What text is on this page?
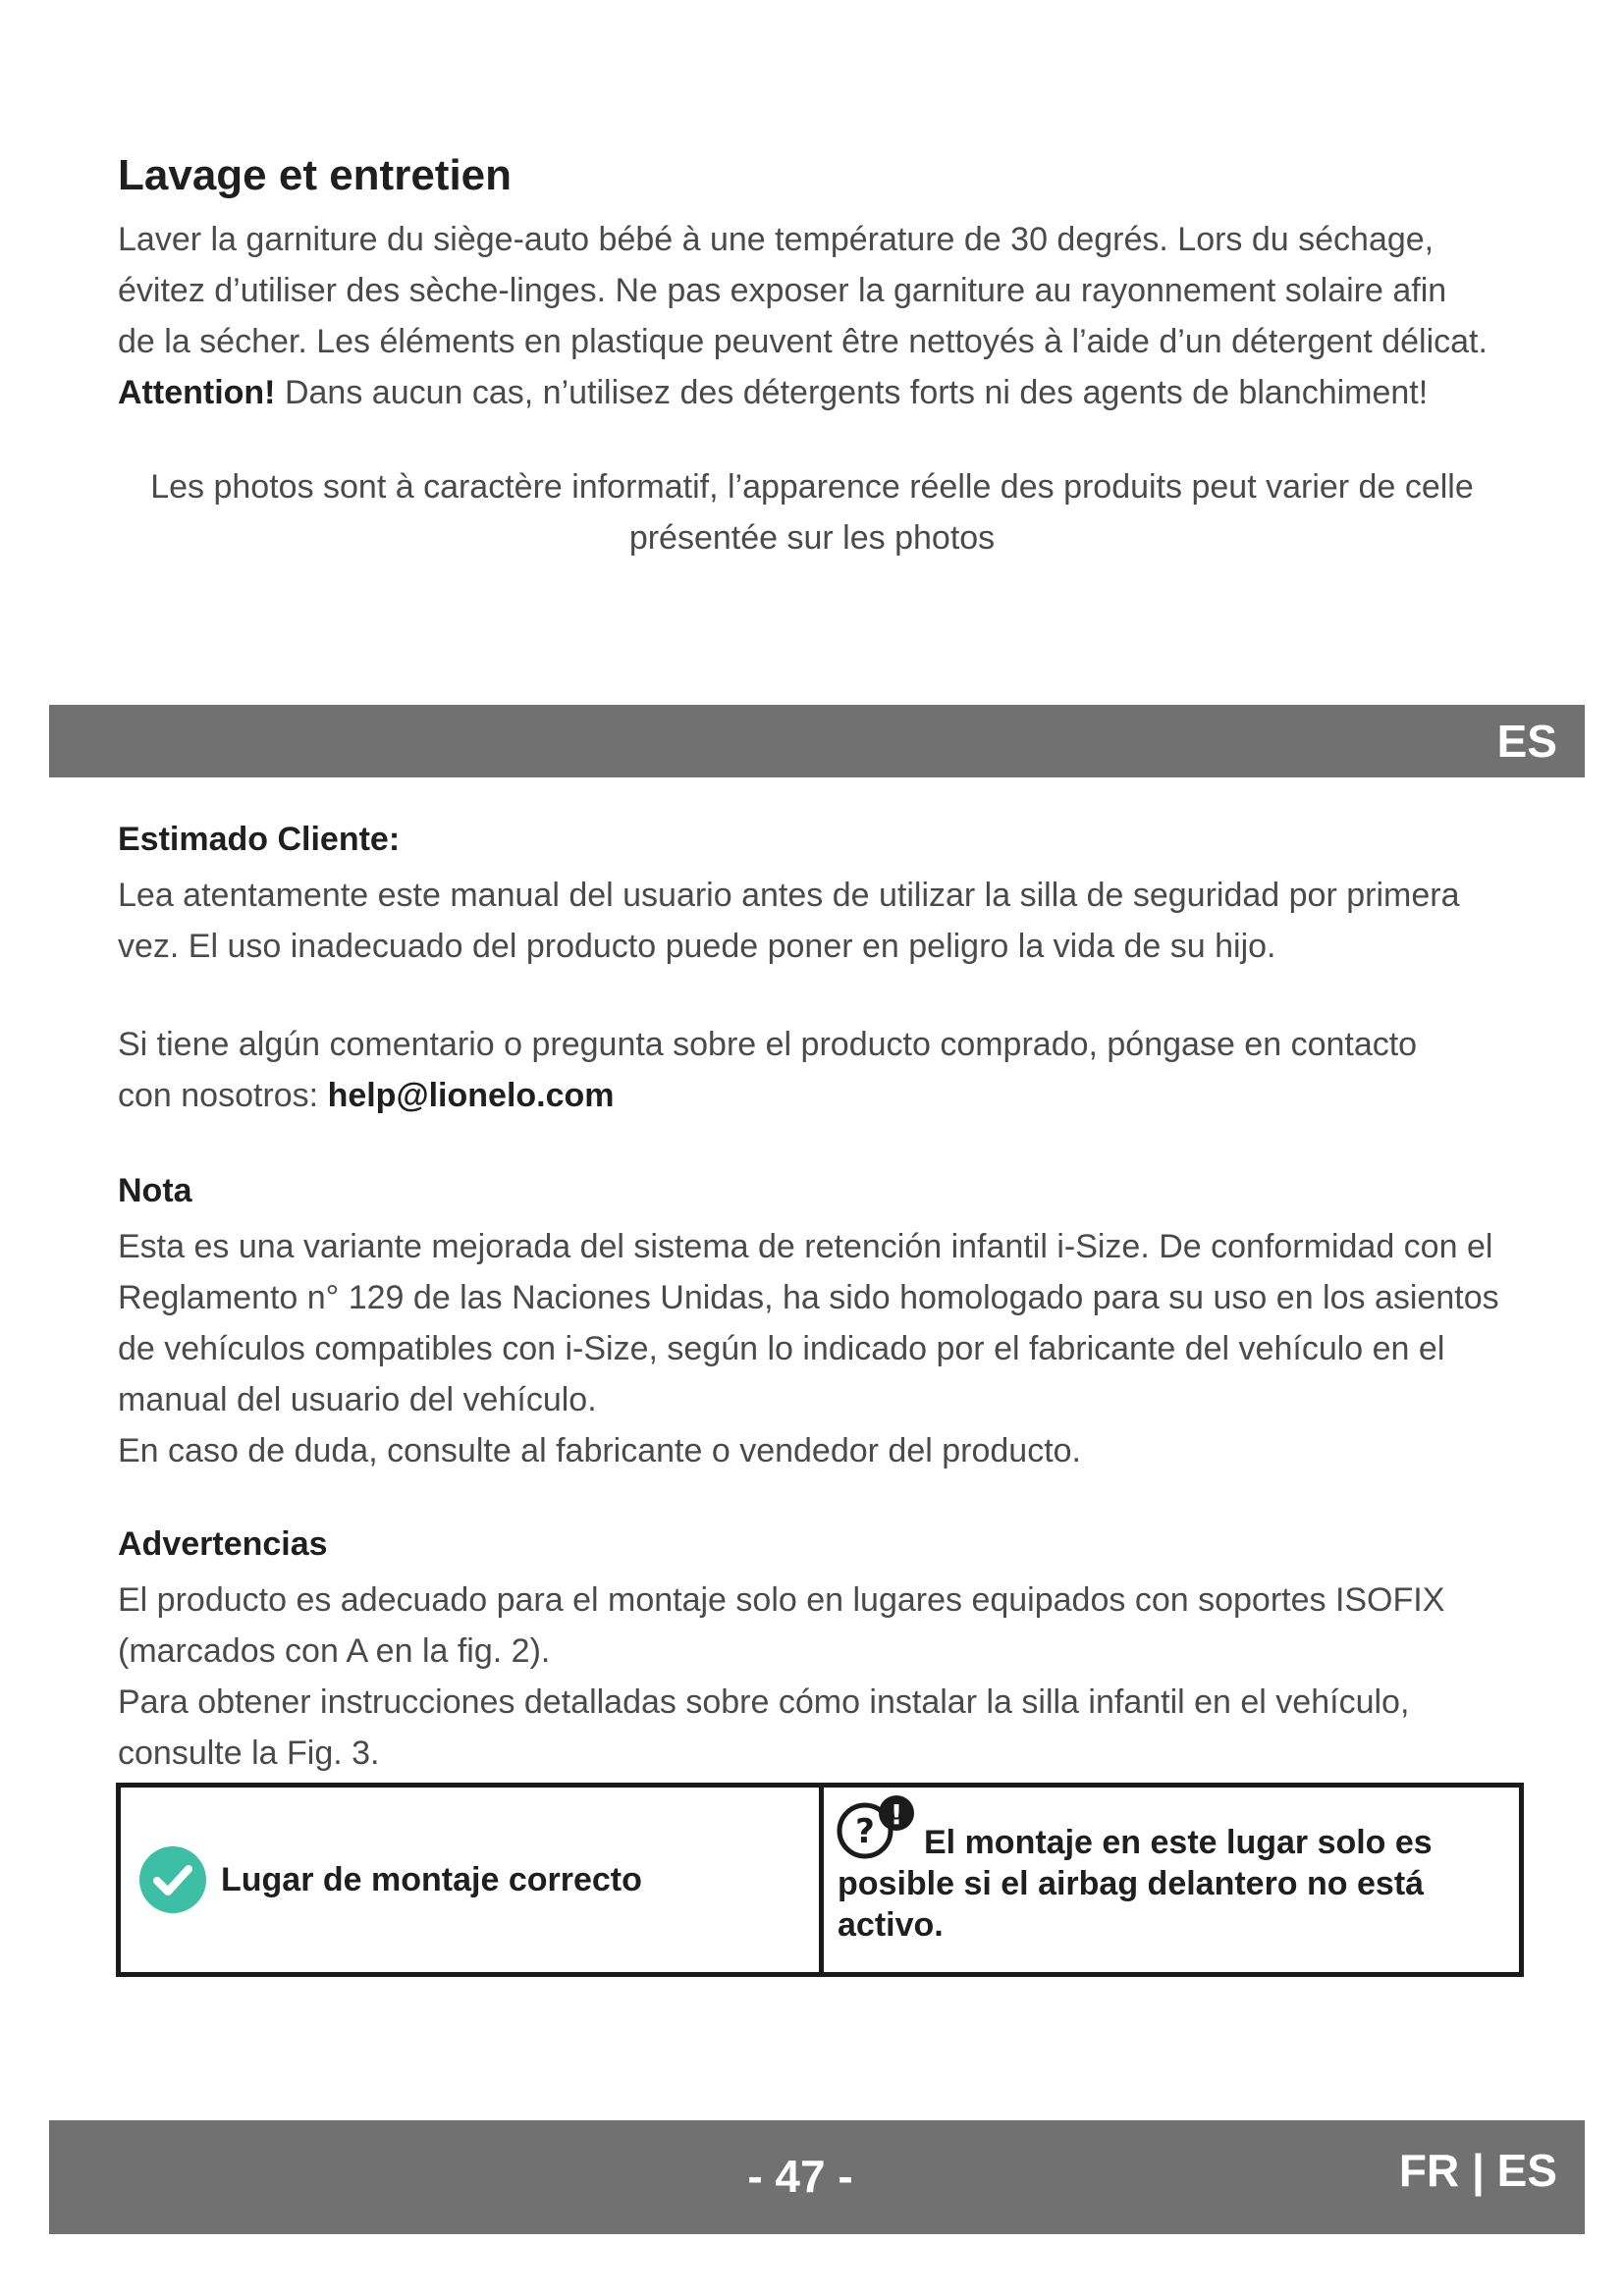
Lavage et entretien
Laver la garniture du siège-auto bébé à une température de 30 degrés. Lors du séchage,
évitez d’utiliser des sèche-linges. Ne pas exposer la garniture au rayonnement solaire afin
de la sécher. Les éléments en plastique peuvent être nettoyés à l’aide d’un détergent délicat.
Attention! Dans aucun cas, n’utilisez des détergents forts ni des agents de blanchiment!
Les photos sont à caractère informatif, l’apparence réelle des produits peut varier de celle
présentée sur les photos
ES
Estimado Cliente:
Lea atentamente este manual del usuario antes de utilizar la silla de seguridad por primera
vez. El uso inadecuado del producto puede poner en peligro la vida de su hijo.
Si tiene algún comentario o pregunta sobre el producto comprado, póngase en contacto
con nosotros: help@lionelo.com
Nota
Esta es una variante mejorada del sistema de retención infantil i-Size. De conformidad con el
Reglamento n° 129 de las Naciones Unidas, ha sido homologado para su uso en los asientos
de vehículos compatibles con i-Size, según lo indicado por el fabricante del vehículo en el
manual del usuario del vehículo.
En caso de duda, consulte al fabricante o vendedor del producto.
Advertencias
El producto es adecuado para el montaje solo en lugares equipados con soportes ISOFIX
(marcados con A en la fig. 2).
Para obtener instrucciones detalladas sobre cómo instalar la silla infantil en el vehículo,
consulte la Fig. 3.
Lugar de montaje correcto
El montaje en este lugar solo es posible si el airbag delantero no está activo.
? !
- 47 -	FR | ES
